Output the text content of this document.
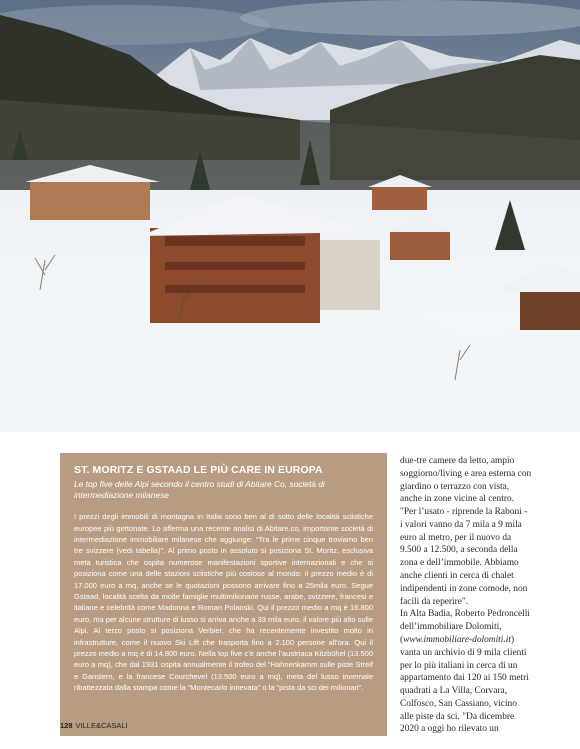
ST. MORITZ E GSTAAD LE PIÙ CARE IN EUROPA

Le top five delle Alpi secondo il centro studi di Abitare Co, società di intermediazione milanese

I prezzi degli immobili di montagna in Italia sono ben al di sotto delle località sciistiche europee più gettonate. Lo afferma una recente analisi di Abitare.co, importante società di intermediazione immobiliare milanese che aggiunge: “Tra le prime cinque troviamo ben tre svizzere (vedi tabella)”. Al primo posto in assoluto si posiziona St. Moritz, esclusiva meta turistica che ospita numerose manifestazioni sportive internazionali e che si posiziona come una delle stazioni sciistiche più costose al mondo: il prezzo medio è di 17.000 euro a mq, anche se le quotazioni possono arrivare fino a 25mila euro. Segue Gstaad, località scelta da molte famiglie multimilionarie russe, arabe, svizzere, francesi e italiane e celebrità come Madonna e Roman Polanski. Qui il prezzo medio a mq è 16.800 euro, ma per alcune strutture di lusso si arriva anche a 33 mila euro, il valore più alto sulle Alpi. Al terzo posto si posiziona Verbier, che ha recentemente investito molto in infrastrutture, come il nuovo Ski Lift che trasporta fino a 2.100 persone all’ora. Qui il prezzo medio a mq è di 14.800 euro. Nella top five c’è anche l’austriaca Kitzbühel (13.500 euro a mq), che dal 1931 ospita annualmente il trofeo del “Hahnenkamm sulle piste Streif e Ganslern, e la francese Courchevel (13.500 euro a mq), meta del lusso invernale ribattezzata dalla stampa come la “Montecarlo innevata” o la “pista da sci dei milionari”.

due-tre camere da letto, ampio soggiorno/living e area esterna con giardino o terrazzo con vista, anche in zone vicine al centro. "Per l’usato - riprende la Raboni - i valori vanno da 7 mila a 9 mila euro al metro, per il nuovo da 9.500 a 12.500, a seconda della zona e dell’immobile. Abbiamo anche clienti in cerca di chalet indipendenti in zone comode, non facili da reperire".

In Alta Badia, Roberto Pedroncelli dell’immobiliare Dolomiti, (www.immobiliare-dolomiti.it) vanta un archivio di 9 mila clienti per lo più italiani in cerca di un appartamento dai 120 ai 150 metri quadrati a La Villa, Corvara, Colfosco, San Cassiano, vicino alle piste da sci. "Da dicembre 2020 a oggi ho rilevato un

128 VILLE&CASALI
